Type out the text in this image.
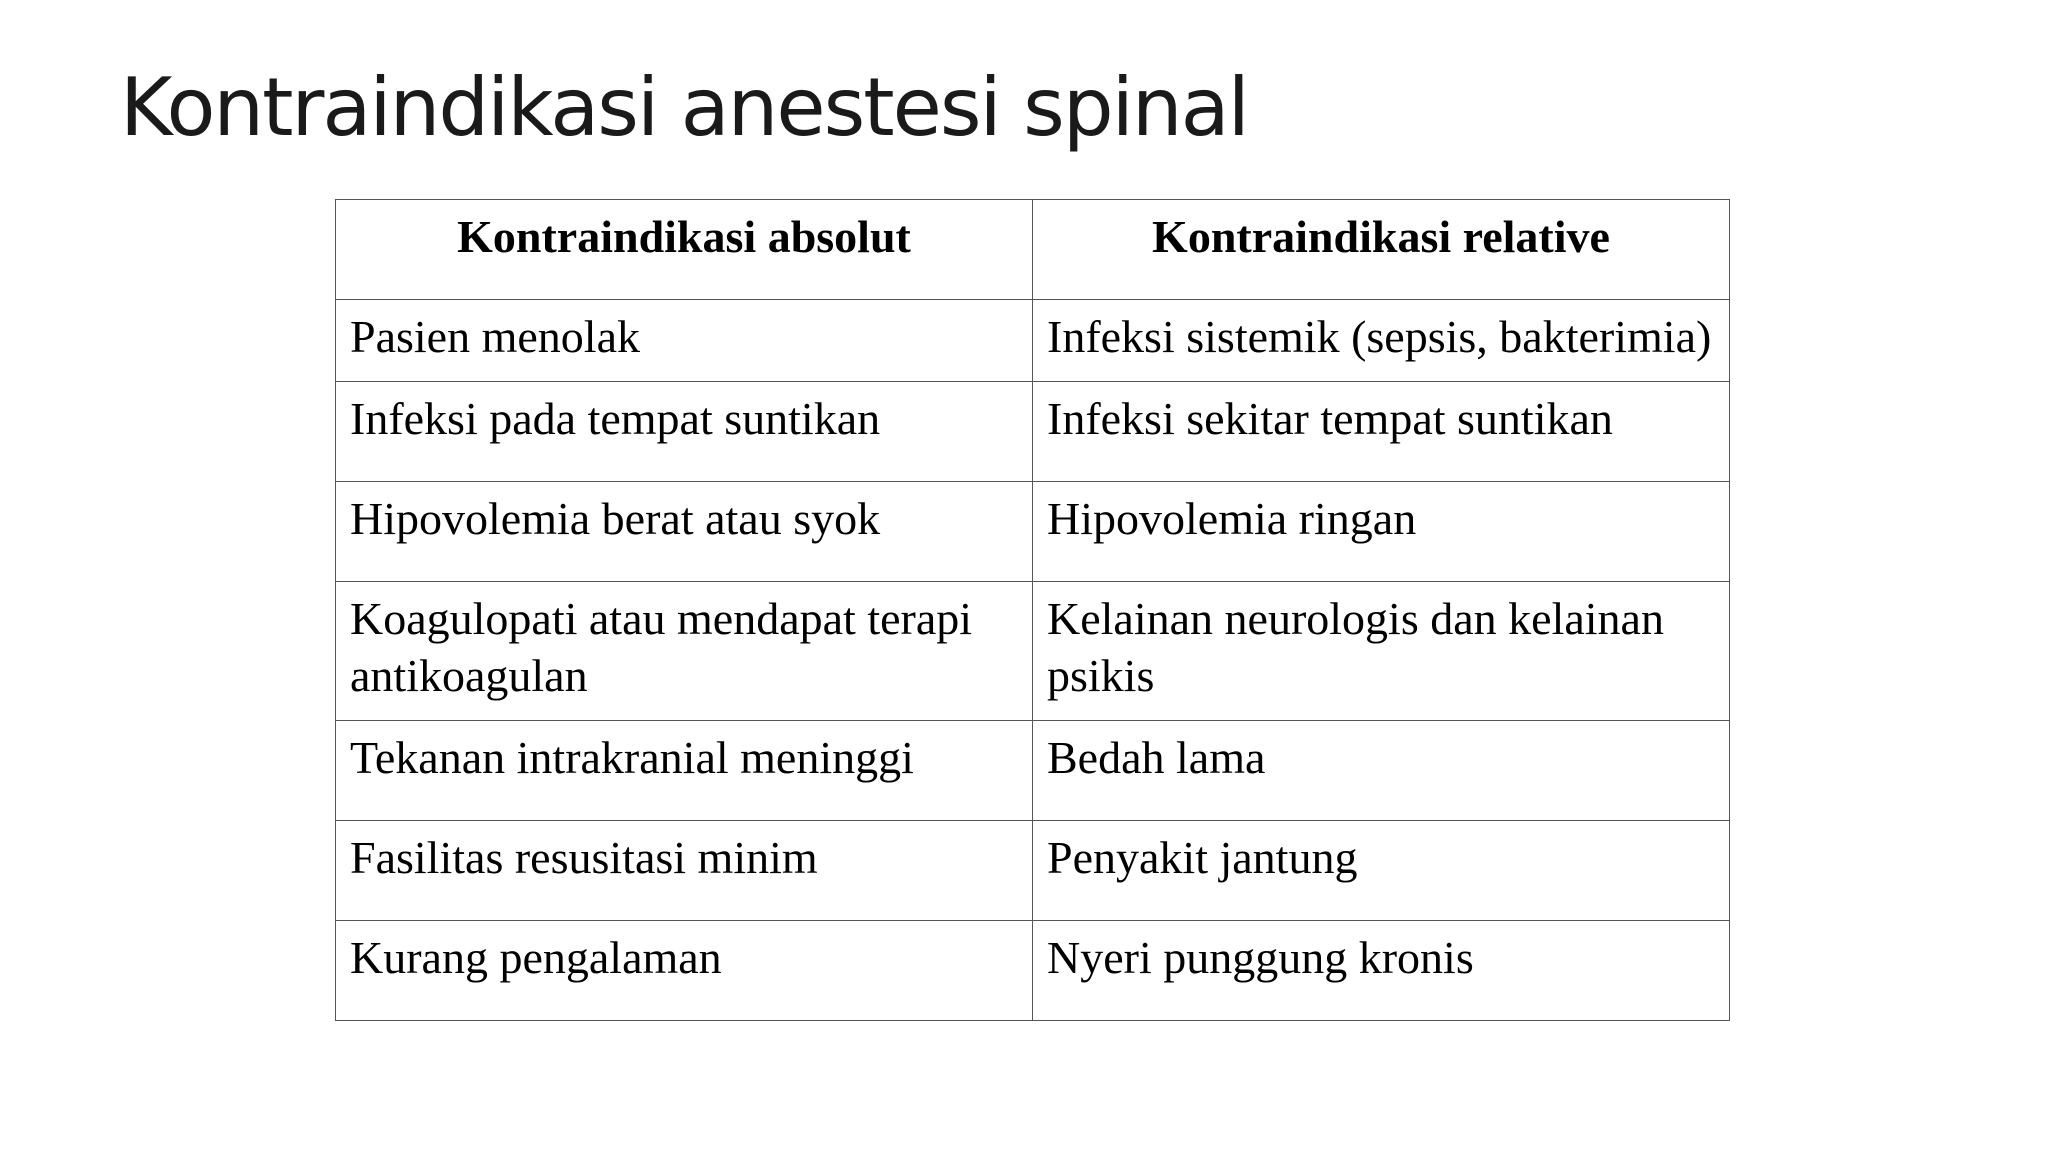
Kontraindikasi anestesi spinal
Kontraindikasi absolut	Kontraindikasi relative
Pasien menolak	Infeksi sistemik (sepsis, bakterimia)
Infeksi pada tempat suntikan	Infeksi sekitar tempat suntikan
Hipovolemia berat atau syok	Hipovolemia ringan
Koagulopati atau mendapat terapi antikoagulan	Kelainan neurologis dan kelainan psikis
Tekanan intrakranial meninggi	Bedah lama
Fasilitas resusitasi minim	Penyakit jantung
Kurang pengalaman	Nyeri punggung kronis
